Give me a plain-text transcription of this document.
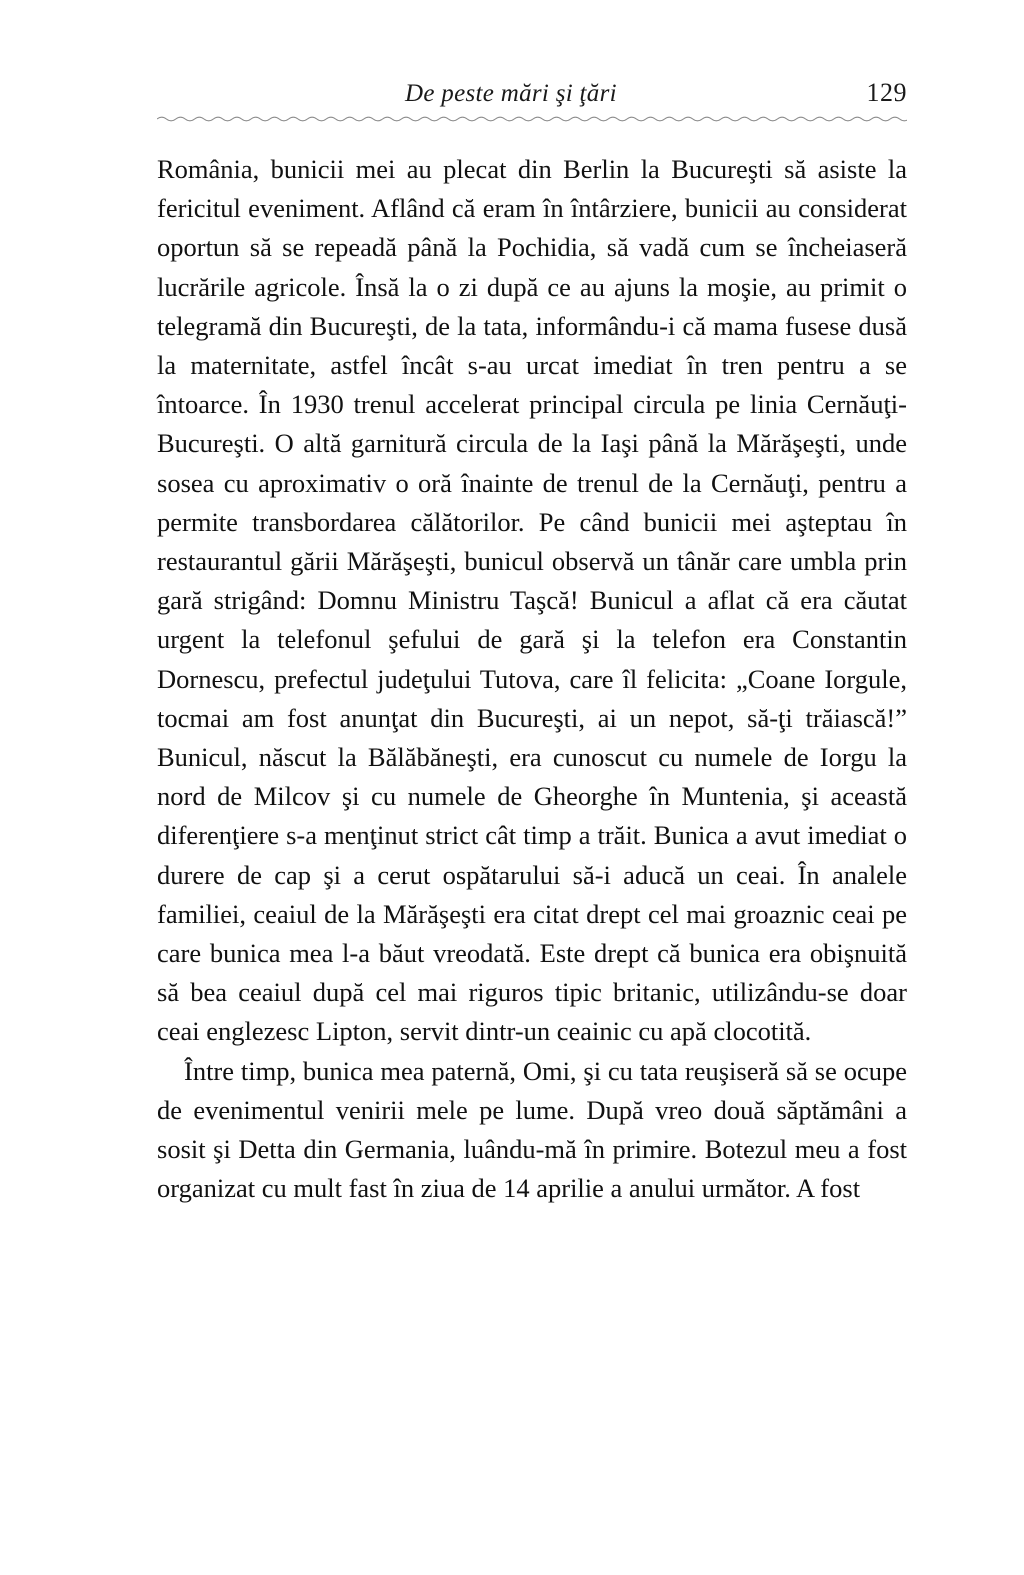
De peste mări şi ţări	129

România, bunicii mei au plecat din Berlin la Bucureşti să asiste la fericitul eveniment. Aflând că eram în întârziere, bunicii au considerat oportun să se repeadă până la Pochidia, să vadă cum se încheiaseră lucrările agricole. Însă la o zi după ce au ajuns la moşie, au primit o telegramă din Bucureşti, de la tata, informându-i că mama fusese dusă la maternitate, astfel încât s-au urcat imediat în tren pentru a se întoarce. În 1930 trenul accelerat principal circula pe linia Cernăuţi-Bucureşti. O altă garnitură circula de la Iaşi până la Mărăşeşti, unde sosea cu aproximativ o oră înainte de trenul de la Cernăuţi, pentru a permite transbordarea călătorilor. Pe când bunicii mei aşteptau în restaurantul gării Mărăşeşti, bunicul observă un tânăr care umbla prin gară strigând: Domnu Ministru Taşcă! Bunicul a aflat că era căutat urgent la telefonul şefului de gară şi la telefon era Constantin Dornescu, prefectul judeţului Tutova, care îl felicita: „Coane Iorgule, tocmai am fost anunţat din Bucureşti, ai un nepot, să-ţi trăiască!” Bunicul, născut la Bălăbăneşti, era cunoscut cu numele de Iorgu la nord de Milcov şi cu numele de Gheorghe în Muntenia, şi această diferenţiere s-a menţinut strict cât timp a trăit. Bunica a avut imediat o durere de cap şi a cerut ospătarului să-i aducă un ceai. În analele familiei, ceaiul de la Mărăşeşti era citat drept cel mai groaznic ceai pe care bunica mea l-a băut vreodată. Este drept că bunica era obişnuită să bea ceaiul după cel mai riguros tipic britanic, utilizându-se doar ceai englezesc Lipton, servit dintr-un ceainic cu apă clocotită.

Între timp, bunica mea paternă, Omi, şi cu tata reuşiseră să se ocupe de evenimentul venirii mele pe lume. După vreo două săptămâni a sosit şi Detta din Germania, luându-mă în primire. Botezul meu a fost organizat cu mult fast în ziua de 14 aprilie a anului următor. A fost
